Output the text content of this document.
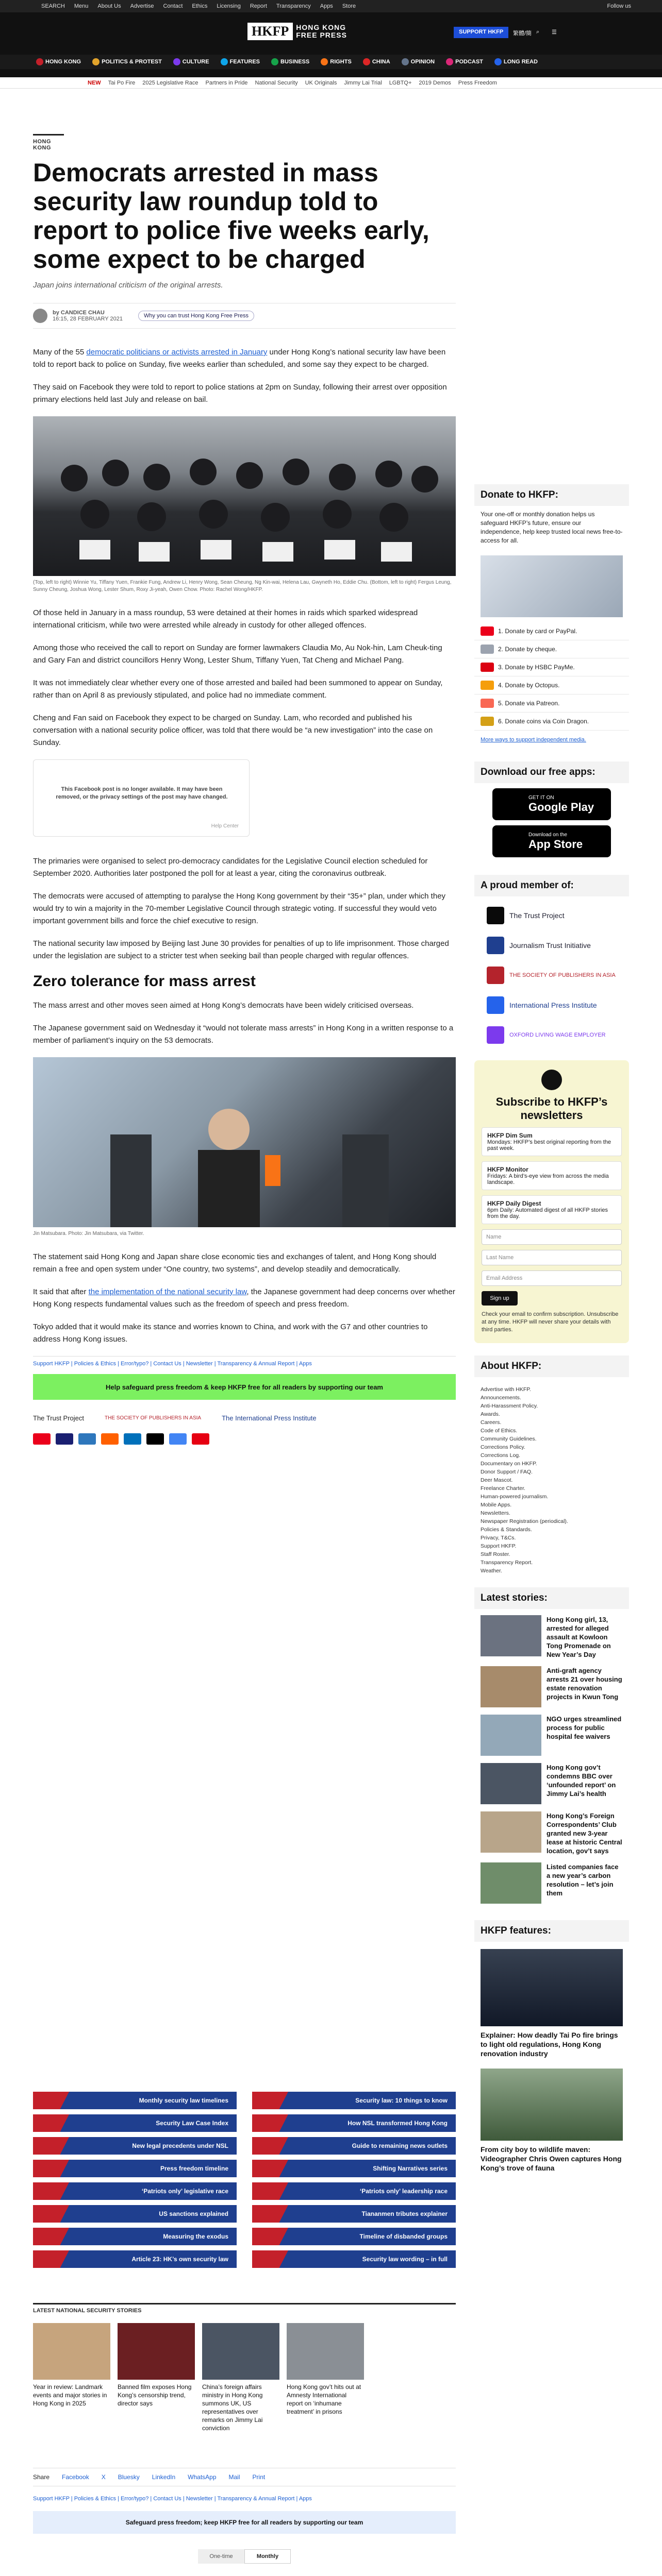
SEARCH Menu About Us Advertise Contact Ethics Licensing Report Transparency Apps Store	Follow us
HKFP	HONG KONG
FREE PRESS	SUPPORT HKFP	繁體/簡 ⌕	☰
HONG KONG	POLITICS & PROTEST	CULTURE	FEATURES	BUSINESS	RIGHTS	CHINA	OPINION	PODCAST	LONG READ
NEW Tai Po Fire 2025 Legislative Race Partners in Pride National Security UK Originals Jimmy Lai Trial LGBTQ+ 2019 Demos Press Freedom
HONG KONG
Democrats arrested in mass security law roundup told to report to police five weeks early, some expect to be charged
Japan joins international criticism of the original arrests.
by CANDICE CHAU
16:15, 28 FEBRUARY 2021	Why you can trust Hong Kong Free Press

Many of the 55 democratic politicians or activists arrested in January under Hong Kong’s national security law have been told to report back to police on Sunday, five weeks earlier than scheduled, and some say they expect to be charged.

They said on Facebook they were told to report to police stations at 2pm on Sunday, following their arrest over opposition primary elections held last July and release on bail.

(Top, left to right) Winnie Yu, Tiffany Yuen, Frankie Fung, Andrew Li, Henry Wong, Sean Cheung, Ng Kin-wai, Helena Lau, Gwyneth Ho, Eddie Chu. (Bottom, left to right) Fergus Leung, Sunny Cheung, Joshua Wong, Lester Shum, Roxy Ji-yeah, Owen Chow. Photo: Rachel Wong/HKFP.

Of those held in January in a mass roundup, 53 were detained at their homes in raids which sparked widespread international criticism, while two were arrested while already in custody for other alleged offences.

Among those who received the call to report on Sunday are former lawmakers Claudia Mo, Au Nok-hin, Lam Cheuk-ting and Gary Fan and district councillors Henry Wong, Lester Shum, Tiffany Yuen, Tat Cheng and Michael Pang.

It was not immediately clear whether every one of those arrested and bailed had been summoned to appear on Sunday, rather than on April 8 as previously stipulated, and police had no immediate comment.

Cheng and Fan said on Facebook they expect to be charged on Sunday. Lam, who recorded and published his conversation with a national security police officer, was told that there would be “a new investigation” into the case on Sunday.

This Facebook post is no longer available. It may have been removed, or the privacy settings of the post may have changed.
Help Center

The primaries were organised to select pro-democracy candidates for the Legislative Council election scheduled for September 2020. Authorities later postponed the poll for at least a year, citing the coronavirus outbreak.

The democrats were accused of attempting to paralyse the Hong Kong government by their “35+” plan, under which they would try to win a majority in the 70-member Legislative Council through strategic voting. If successful they would veto important government bills and force the chief executive to resign.

The national security law imposed by Beijing last June 30 provides for penalties of up to life imprisonment. Those charged under the legislation are subject to a stricter test when seeking bail than people charged with regular offences.

Zero tolerance for mass arrest

The mass arrest and other moves seen aimed at Hong Kong’s democrats have been widely criticised overseas.

The Japanese government said on Wednesday it “would not tolerate mass arrests” in Hong Kong in a written response to a member of parliament’s inquiry on the 53 democrats.

Jin Matsubara. Photo: Jin Matsubara, via Twitter.

The statement said Hong Kong and Japan share close economic ties and exchanges of talent, and Hong Kong should remain a free and open system under “One country, two systems”, and develop steadily and democratically.

It said that after the implementation of the national security law, the Japanese government had deep concerns over whether Hong Kong respects fundamental values such as the freedom of speech and press freedom.

Tokyo added that it would make its stance and worries known to China, and work with the G7 and other countries to address Hong Kong issues.

Support HKFP | Policies & Ethics | Error/typo? | Contact Us | Newsletter | Transparency & Annual Report | Apps
Help safeguard press freedom & keep HKFP free for all readers by supporting our team
The Trust Project	THE SOCIETY OF PUBLISHERS IN ASIA	The International Press Institute
Monthly security law timelines	Security law: 10 things to know
Security Law Case Index	How NSL transformed Hong Kong
New legal precedents under NSL	Guide to remaining news outlets
Press freedom timeline	Shifting Narratives series
‘Patriots only’ legislative race	‘Patriots only’ leadership race
US sanctions explained	Tiananmen tributes explainer
Measuring the exodus	Timeline of disbanded groups
Article 23: HK’s own security law	Security law wording – in full
LATEST NATIONAL SECURITY STORIES
Year in review: Landmark events and major stories in Hong Kong in 2025
Banned film exposes Hong Kong’s censorship trend, director says
China’s foreign affairs ministry in Hong Kong summons UK, US representatives over remarks on Jimmy Lai conviction
Hong Kong gov’t hits out at Amnesty International report on ‘inhumane treatment’ in prisons
Share Facebook X Bluesky LinkedIn WhatsApp Mail Print
Support HKFP | Policies & Ethics | Error/typo? | Contact Us | Newsletter | Transparency & Annual Report | Apps
Safeguard press freedom; keep HKFP free for all readers by supporting our team
One-time	Monthly
Donate to HKFP:
Your one-off or monthly donation helps us safeguard HKFP’s future, ensure our independence, help keep trusted local news free-to-access for all.
1. Donate by card or PayPal.
2. Donate by cheque.
3. Donate by HSBC PayMe.
4. Donate by Octopus.
5. Donate via Patreon.
6. Donate coins via Coin Dragon.
More ways to support independent media.
Download our free apps:
GET IT ON
Google Play
Download on the
App Store
A proud member of:
The Trust Project
Journalism Trust Initiative
THE SOCIETY OF PUBLISHERS IN ASIA
International Press Institute
OXFORD LIVING WAGE EMPLOYER
Subscribe to HKFP’s newsletters
HKFP Dim Sum
Mondays: HKFP’s best original reporting from the past week.
HKFP Monitor
Fridays: A bird’s-eye view from across the media landscape.
HKFP Daily Digest
6pm Daily: Automated digest of all HKFP stories from the day.
Name
Last Name
Email Address
Sign up
Check your email to confirm subscription. Unsubscribe at any time. HKFP will never share your details with third parties.
About HKFP:
Advertise with HKFP.
Announcements.
Anti-Harassment Policy.
Awards.
Careers.
Code of Ethics.
Community Guidelines.
Corrections Policy.
Corrections Log.
Documentary on HKFP.
Donor Support / FAQ.
Deer Mascot.
Freelance Charter.
Human-powered journalism.
Mobile Apps.
Newsletters.
Newspaper Registration (periodical).
Policies & Standards.
Privacy, T&Cs.
Support HKFP.
Staff Roster.
Transparency Report.
Weather.
Latest stories:
Hong Kong girl, 13, arrested for alleged assault at Kowloon Tong Promenade on New Year’s Day
Anti-graft agency arrests 21 over housing estate renovation projects in Kwun Tong
NGO urges streamlined process for public hospital fee waivers
Hong Kong gov’t condemns BBC over ‘unfounded report’ on Jimmy Lai’s health
Hong Kong’s Foreign Correspondents’ Club granted new 3-year lease at historic Central location, gov’t says
Listed companies face a new year’s carbon resolution – let’s join them
HKFP features:
Explainer: How deadly Tai Po fire brings to light old regulations, Hong Kong renovation industry
From city boy to wildlife maven: Videographer Chris Owen captures Hong Kong’s trove of fauna
